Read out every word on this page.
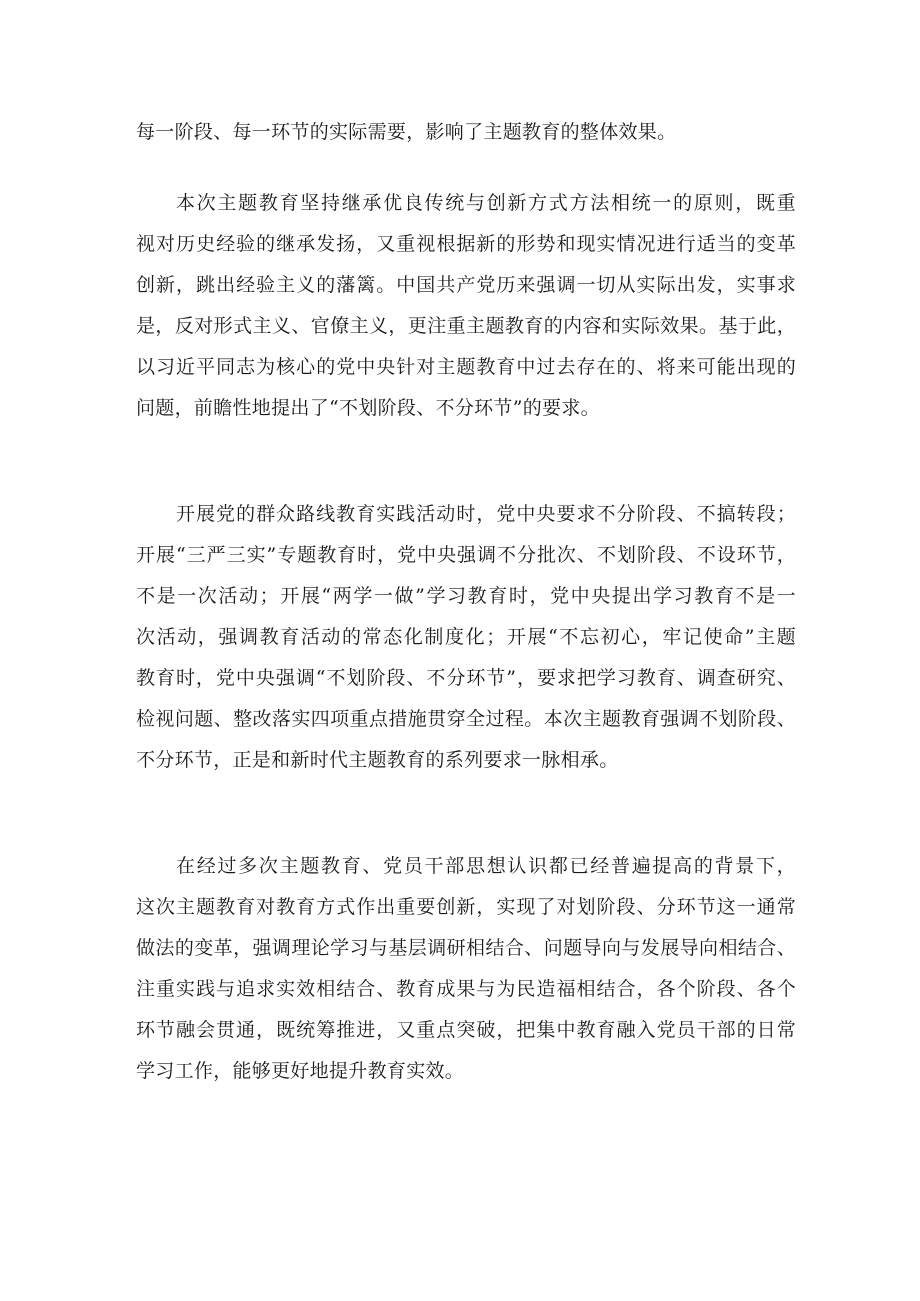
每一阶段、每一环节的实际需要，影响了主题教育的整体效果。
本次主题教育坚持继承优良传统与创新方式方法相统一的原则，既重
视对历史经验的继承发扬，又重视根据新的形势和现实情况进行适当的变革
创新，跳出经验主义的藩篱。中国共产党历来强调一切从实际出发，实事求
是，反对形式主义、官僚主义，更注重主题教育的内容和实际效果。基于此，
以习近平同志为核心的党中央针对主题教育中过去存在的、将来可能出现的
问题，前瞻性地提出了“不划阶段、不分环节”的要求。
开展党的群众路线教育实践活动时，党中央要求不分阶段、不搞转段；
开展“三严三实”专题教育时，党中央强调不分批次、不划阶段、不设环节，
不是一次活动；开展“两学一做”学习教育时，党中央提出学习教育不是一
次活动，强调教育活动的常态化制度化；开展“不忘初心，牢记使命”主题
教育时，党中央强调“不划阶段、不分环节”，要求把学习教育、调查研究、
检视问题、整改落实四项重点措施贯穿全过程。本次主题教育强调不划阶段、
不分环节，正是和新时代主题教育的系列要求一脉相承。
在经过多次主题教育、党员干部思想认识都已经普遍提高的背景下，
这次主题教育对教育方式作出重要创新，实现了对划阶段、分环节这一通常
做法的变革，强调理论学习与基层调研相结合、问题导向与发展导向相结合、
注重实践与追求实效相结合、教育成果与为民造福相结合，各个阶段、各个
环节融会贯通，既统筹推进，又重点突破，把集中教育融入党员干部的日常
学习工作，能够更好地提升教育实效。
